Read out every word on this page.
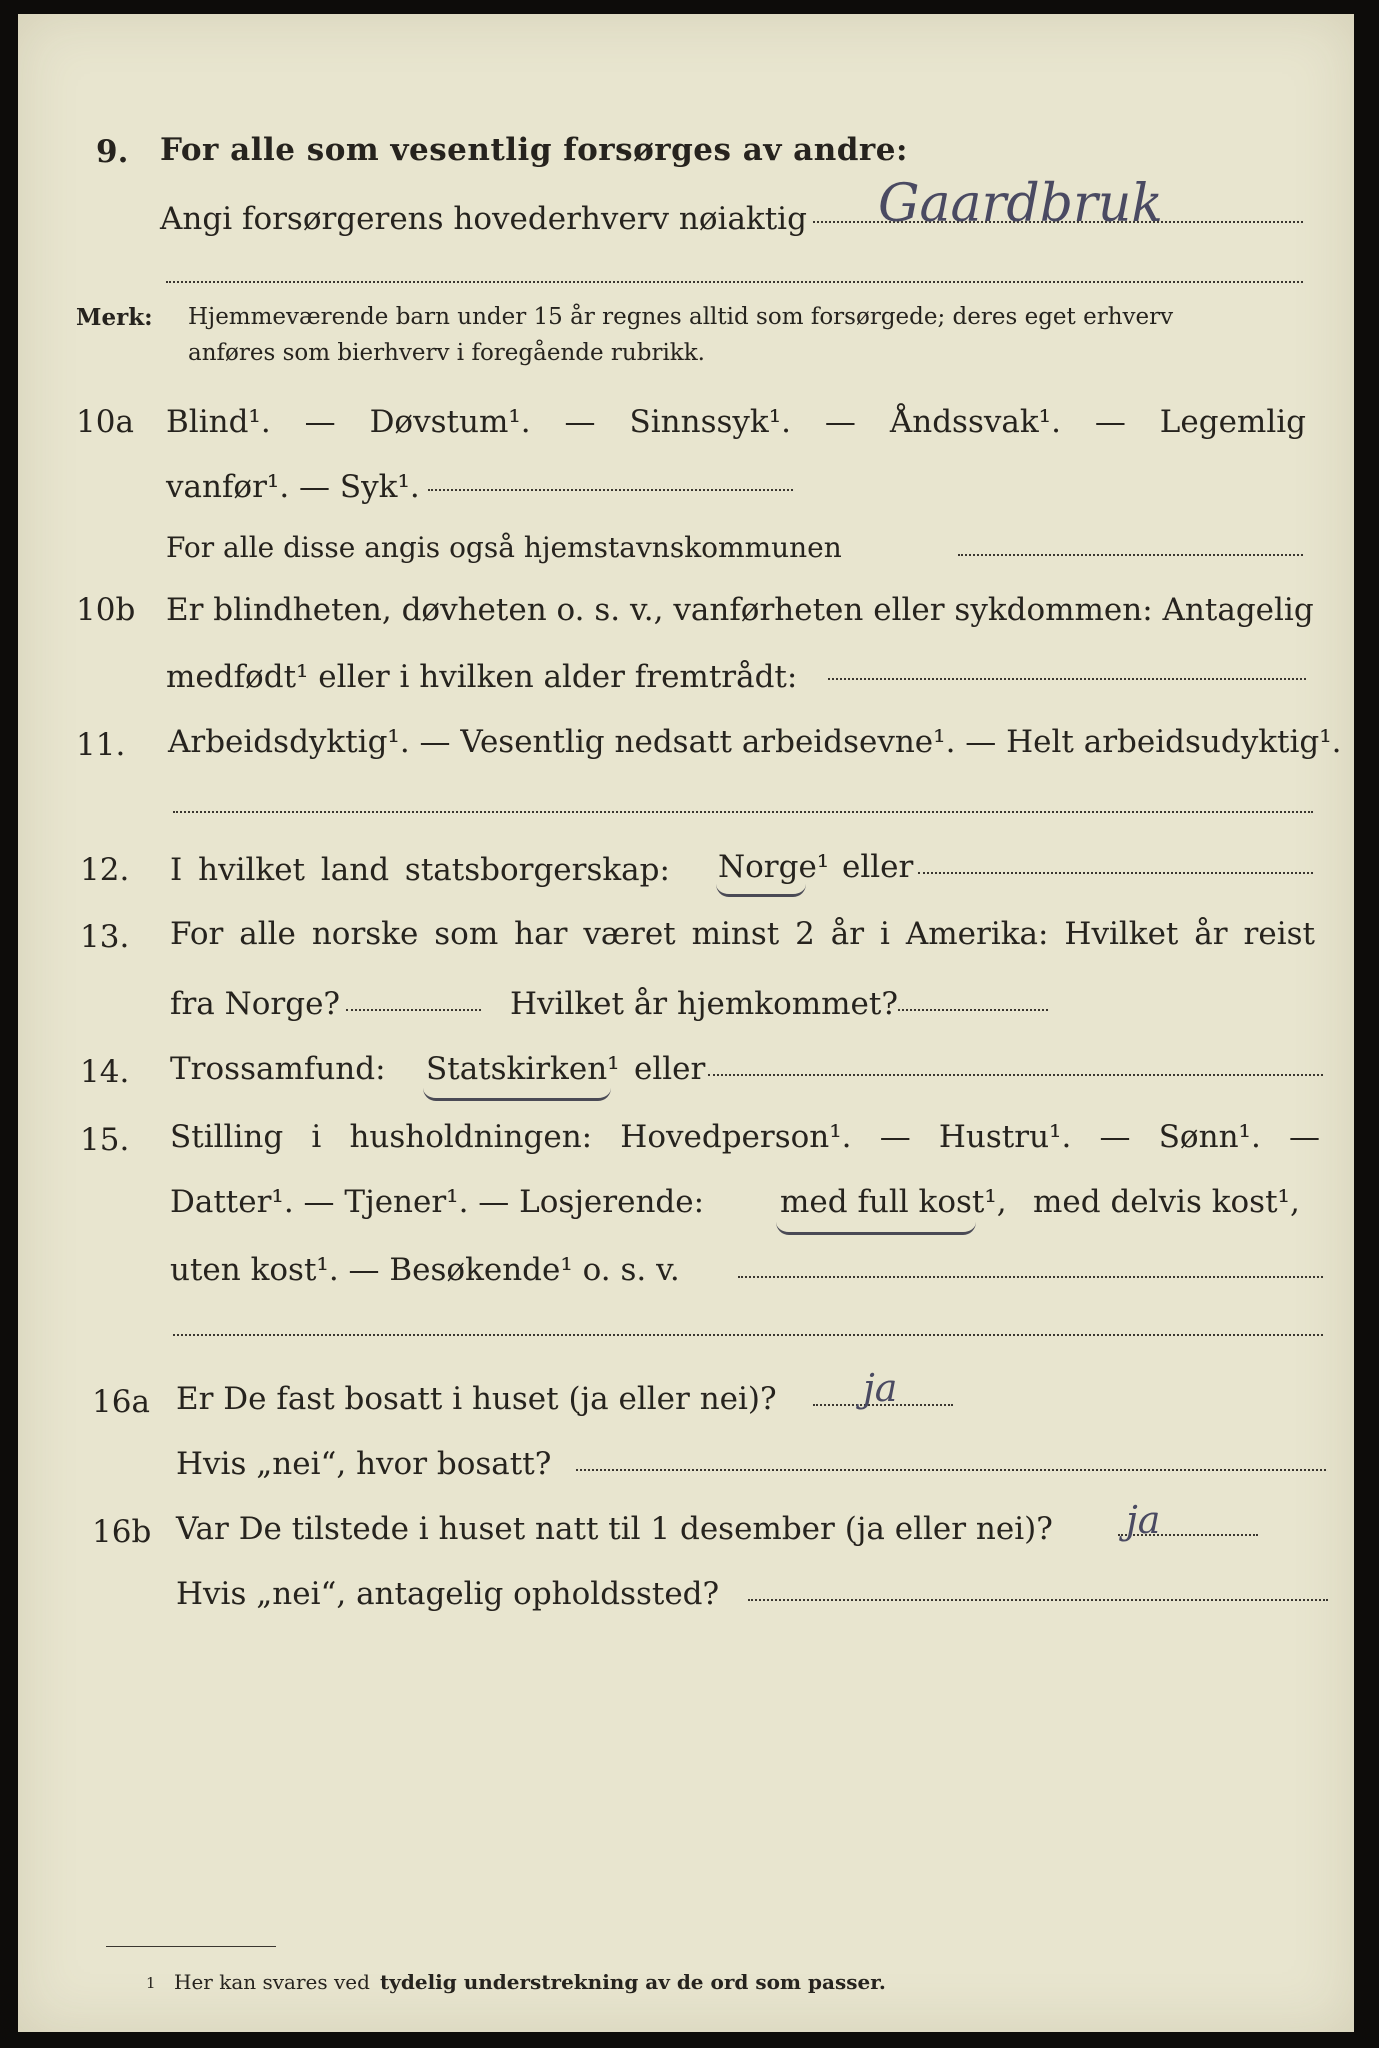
9. For alle som vesentlig forsørges av andre:
Angi forsørgerens hovederhverv nøiaktig Gaardbruk
Merk: Hjemmeværende barn under 15 år regnes alltid som forsørgede; deres eget erhverv
anføres som bierhverv i foregående rubrikk.
10a Blind¹. — Døvstum¹. — Sinnssyk¹. — Åndssvak¹. — Legemlig
vanfør¹. — Syk¹.
For alle disse angis også hjemstavnskommunen
10b Er blindheten, døvheten o. s. v., vanførheten eller sykdommen: Antagelig
medfødt¹ eller i hvilken alder fremtrådt:
11. Arbeidsdyktig¹. — Vesentlig nedsatt arbeidsevne¹. — Helt arbeidsudyktig¹.
12. I hvilket land statsborgerskap: Norge¹ eller
13. For alle norske som har været minst 2 år i Amerika: Hvilket år reist
fra Norge?	Hvilket år hjemkommet?
14. Trossamfund: Statskirken¹ eller
15. Stilling i husholdningen: Hovedperson¹. — Hustru¹. — Sønn¹. —
Datter¹. — Tjener¹. — Losjerende: med full kost¹, med delvis kost¹,
uten kost¹. — Besøkende¹ o. s. v.
16a Er De fast bosatt i huset (ja eller nei)? ja
Hvis „nei“, hvor bosatt?
16b Var De tilstede i huset natt til 1 desember (ja eller nei)? ja
Hvis „nei“, antagelig opholdssted?
1 Her kan svares ved tydelig understrekning av de ord som passer.
